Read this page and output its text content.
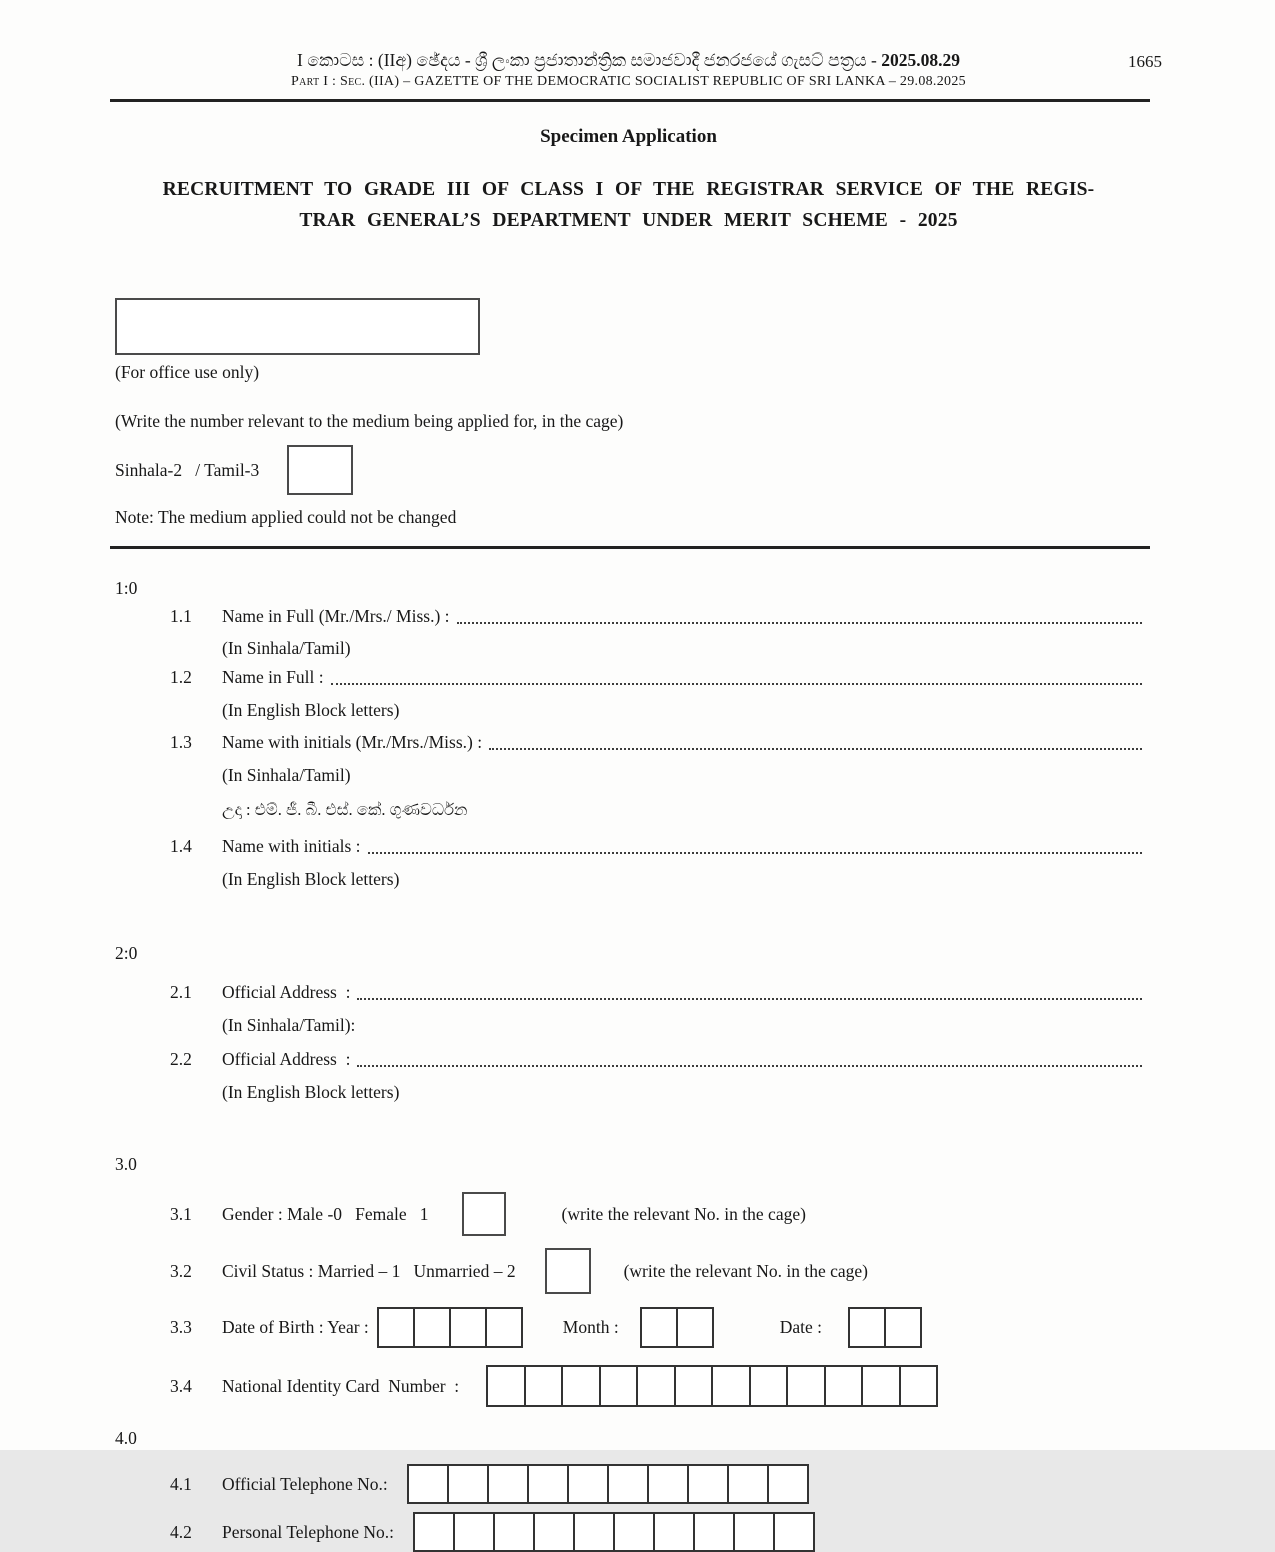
I කොටස : (IIඅ) ඡේදය - ශ්‍රී ලංකා ප්‍රජාතාන්ත්‍රික සමාජවාදී ජනරජයේ ගැසට් පත්‍රය - 2025.08.29	1665
Part I : Sec. (IIA) – GAZETTE OF THE DEMOCRATIC SOCIALIST REPUBLIC OF SRI LANKA – 29.08.2025
Specimen Application
RECRUITMENT TO GRADE III OF CLASS I OF THE REGISTRAR SERVICE OF THE REGIS-
TRAR GENERAL’S DEPARTMENT UNDER MERIT SCHEME - 2025
(For office use only)
(Write the number relevant to the medium being applied for, in the cage)
Sinhala-2   / Tamil-3
Note: The medium applied could not be changed
1:0
1.1	Name in Full (Mr./Mrs./ Miss.) :
(In Sinhala/Tamil)
1.2	Name in Full :
(In English Block letters)
1.3	Name with initials (Mr./Mrs./Miss.) :
(In Sinhala/Tamil)
උදා : එම්. ජී. බී. එස්. කේ. ගුණවර්ධන
1.4	Name with initials :
(In English Block letters)
2:0
2.1	Official Address  :
(In Sinhala/Tamil):
2.2	Official Address  :
(In English Block letters)
3.0
3.1	Gender : Male -0   Female   1	(write the relevant No. in the cage)
3.2	Civil Status : Married – 1   Unmarried – 2	(write the relevant No. in the cage)
3.3	Date of Birth : Year :	Month :	Date :
3.4	National Identity Card  Number  :
4.0
4.1	Official Telephone No.:
4.2	Personal Telephone No.:
